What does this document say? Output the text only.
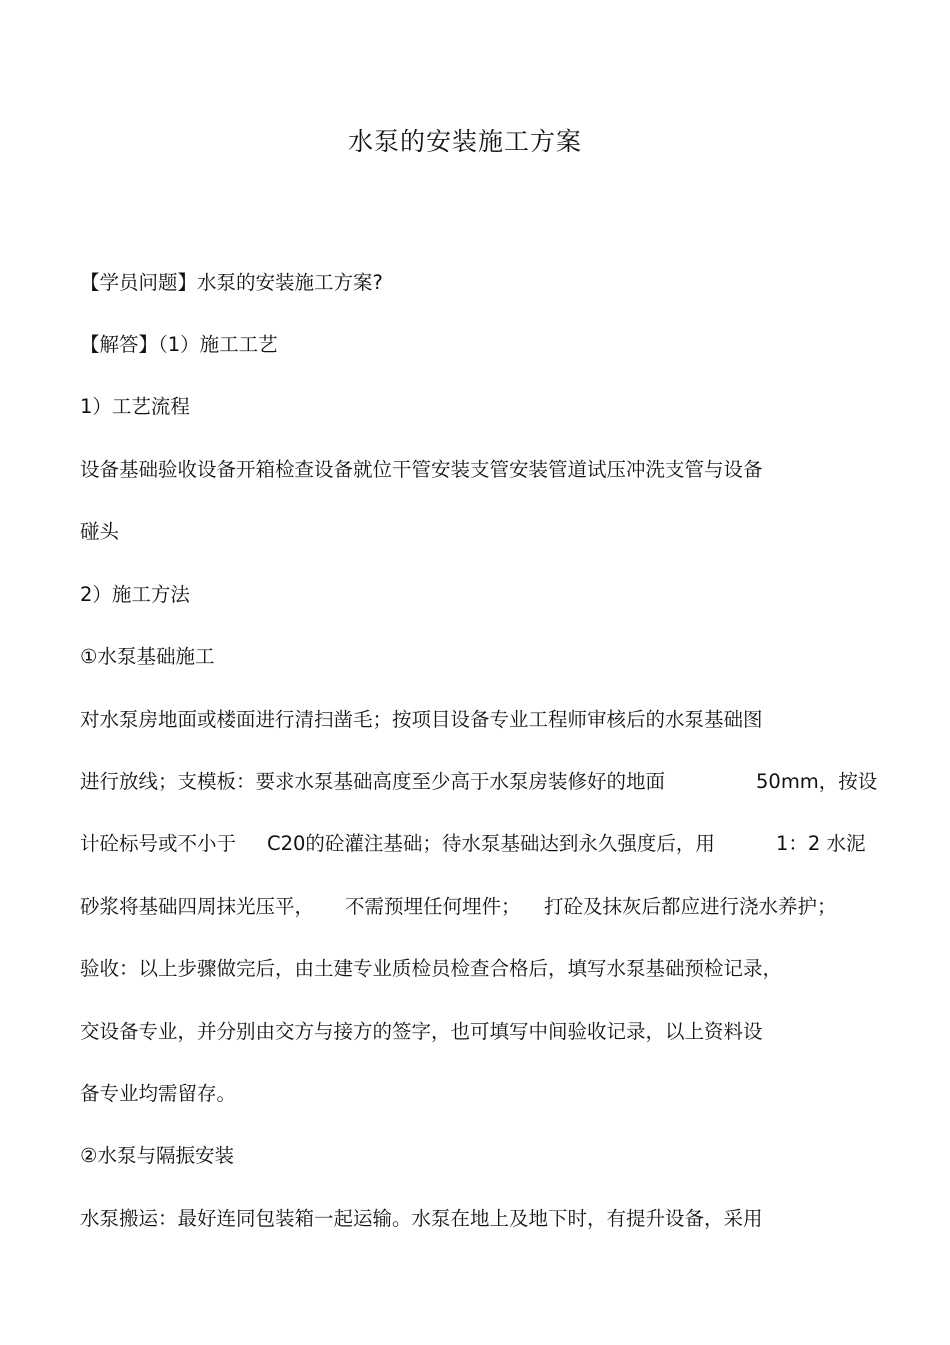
水泵的安装施工方案
【学员问题】水泵的安装施工方案?
【解答】（1）施工工艺
1）工艺流程
设备基础验收设备开箱检查设备就位干管安装支管安装管道试压冲洗支管与设备
碰头
2）施工方法
①水泵基础施工
对水泵房地面或楼面进行清扫凿毛；按项目设备专业工程师审核后的水泵基础图
进行放线；支模板：要求水泵基础高度至少高于水泵房装修好的地面	50mm，按设
计砼标号或不小于 C20的砼灌注基础；待水泵基础达到永久强度后，用	1：2 水泥
砂浆将基础四周抹光压平， 不需预埋任何埋件； 打砼及抹灰后都应进行浇水养护；
验收：以上步骤做完后，由土建专业质检员检查合格后，填写水泵基础预检记录，
交设备专业，并分别由交方与接方的签字，也可填写中间验收记录，以上资料设
备专业均需留存。
②水泵与隔振安装
水泵搬运：最好连同包装箱一起运输。水泵在地上及地下时，有提升设备，采用
